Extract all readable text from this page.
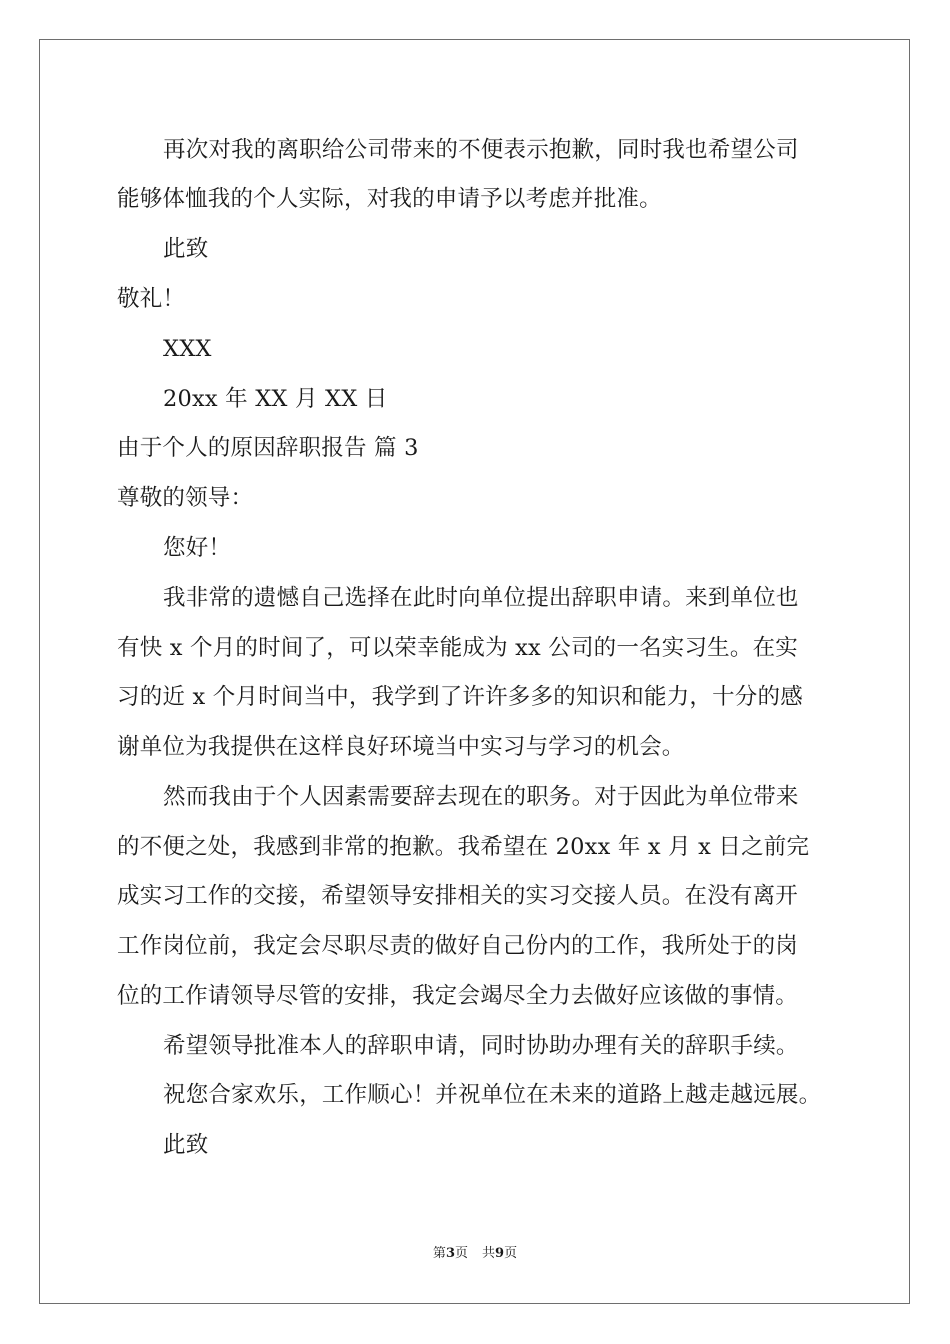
再次对我的离职给公司带来的不便表示抱歉，同时我也希望公司
能够体恤我的个人实际，对我的申请予以考虑并批准。
此致
敬礼！
XXX
20xx 年 XX 月 XX 日
由于个人的原因辞职报告 篇 3
尊敬的领导：
您好！
我非常的遗憾自己选择在此时向单位提出辞职申请。来到单位也
有快 x 个月的时间了，可以荣幸能成为 xx 公司的一名实习生。在实
习的近 x 个月时间当中，我学到了许许多多的知识和能力，十分的感
谢单位为我提供在这样良好环境当中实习与学习的机会。
然而我由于个人因素需要辞去现在的职务。对于因此为单位带来
的不便之处，我感到非常的抱歉。我希望在 20xx 年 x 月 x 日之前完
成实习工作的交接，希望领导安排相关的实习交接人员。在没有离开
工作岗位前，我定会尽职尽责的做好自己份内的工作，我所处于的岗
位的工作请领导尽管的安排，我定会竭尽全力去做好应该做的事情。
希望领导批准本人的辞职申请，同时协助办理有关的辞职手续。
祝您合家欢乐，工作顺心！并祝单位在未来的道路上越走越远展。
此致
第3页 共9页
